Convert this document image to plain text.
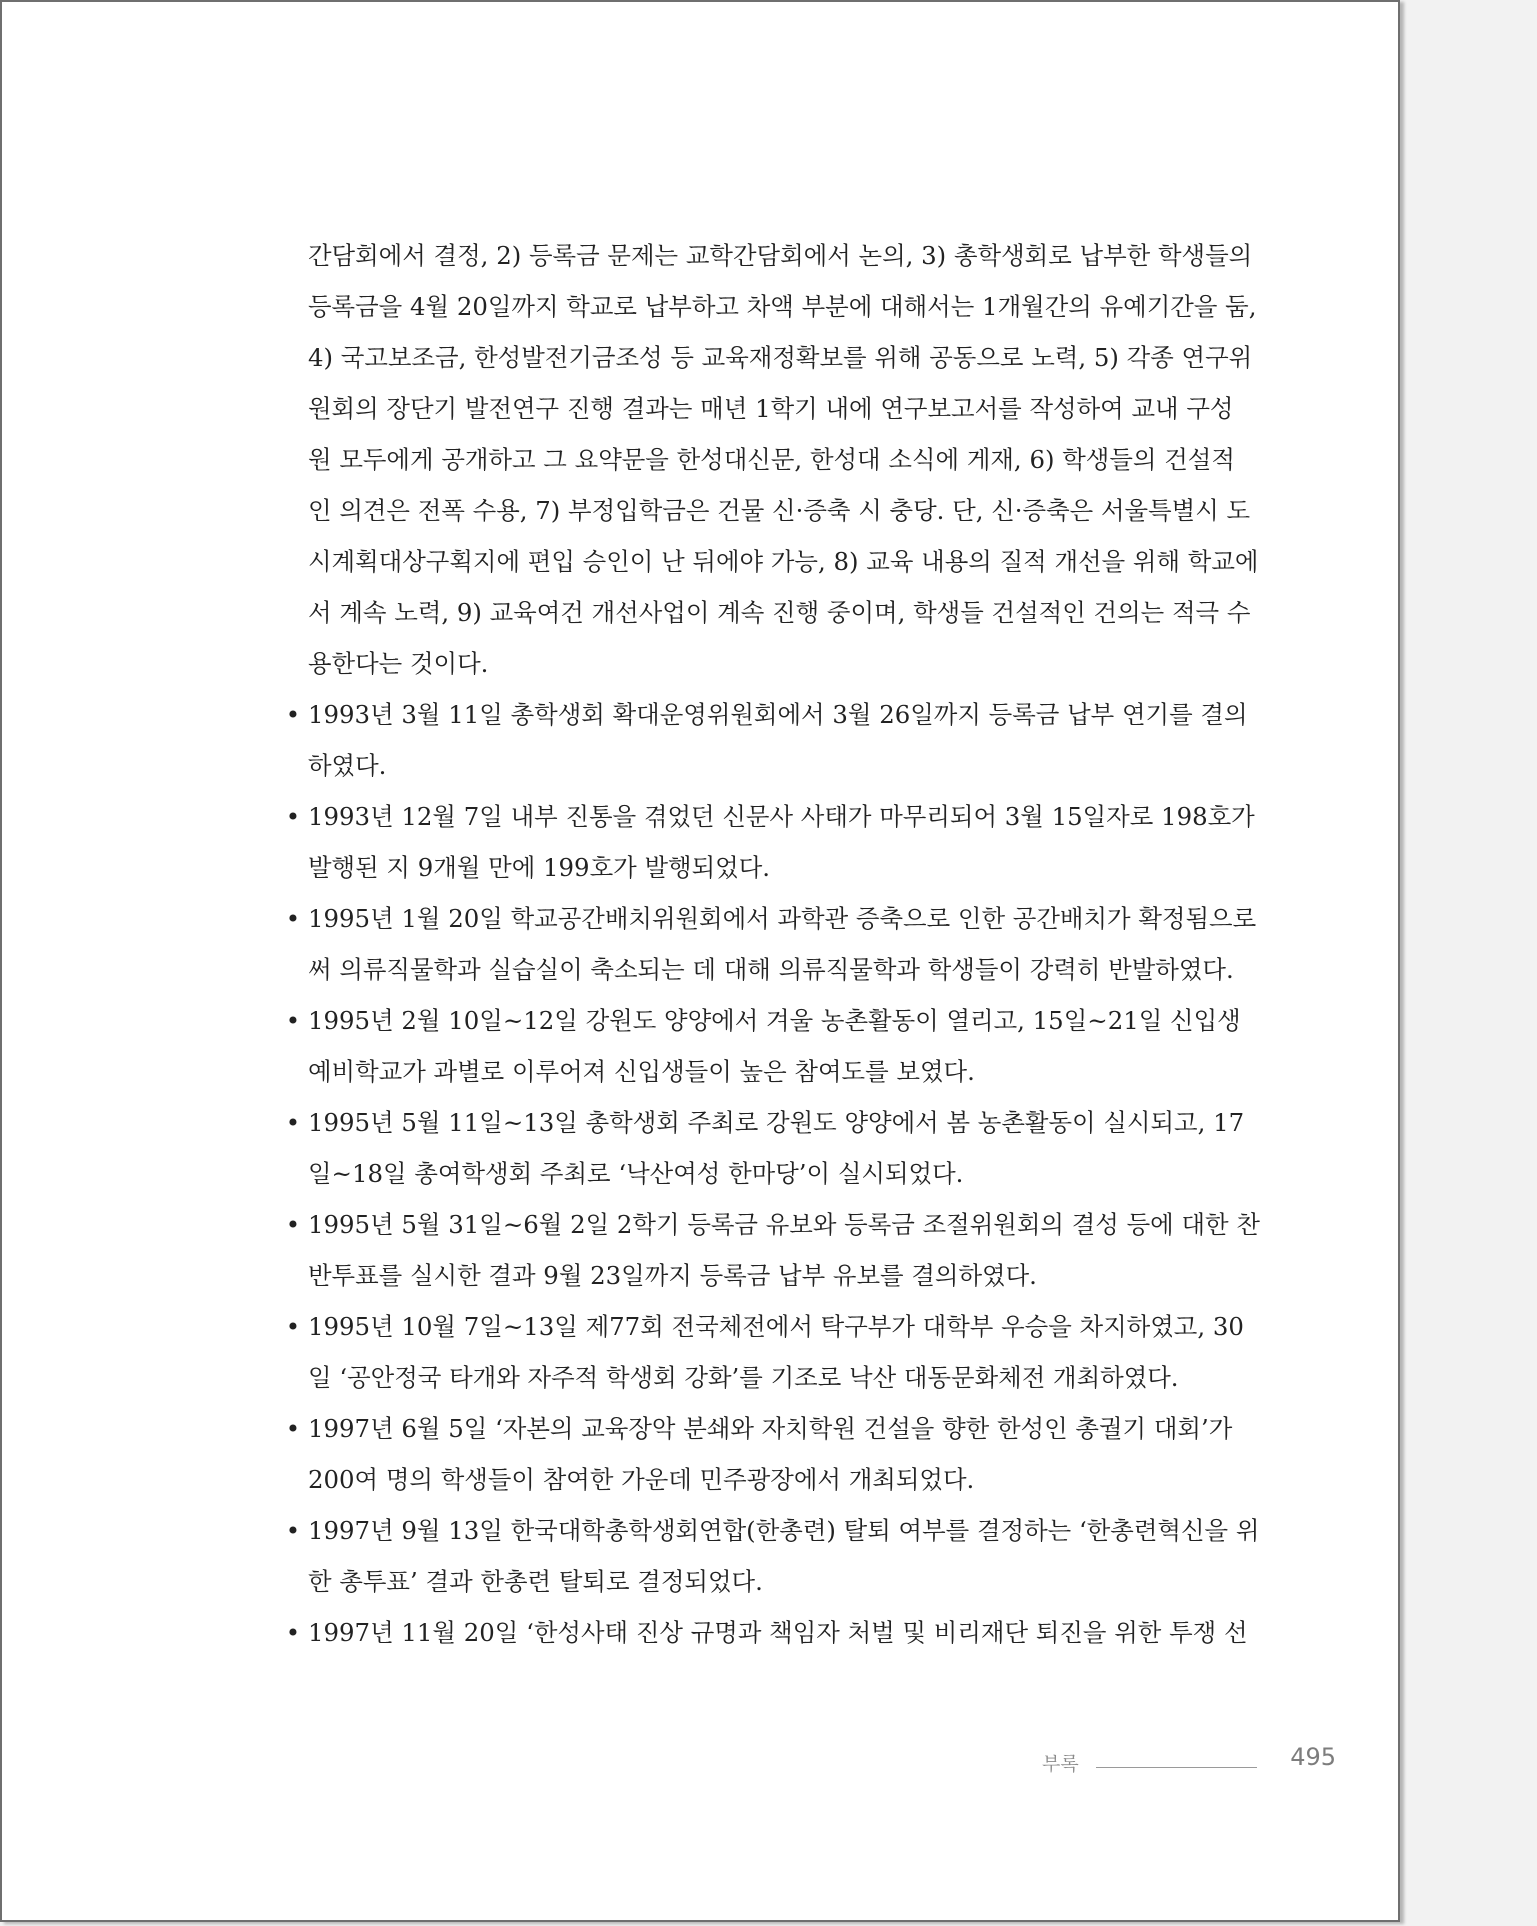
간담회에서 결정, 2) 등록금 문제는 교학간담회에서 논의, 3) 총학생회로 납부한 학생들의
등록금을 4월 20일까지 학교로 납부하고 차액 부분에 대해서는 1개월간의 유예기간을 둠,
4) 국고보조금, 한성발전기금조성 등 교육재정확보를 위해 공동으로 노력, 5) 각종 연구위
원회의 장단기 발전연구 진행 결과는 매년 1학기 내에 연구보고서를 작성하여 교내 구성
원 모두에게 공개하고 그 요약문을 한성대신문, 한성대 소식에 게재, 6) 학생들의 건설적
인 의견은 전폭 수용, 7) 부정입학금은 건물 신·증축 시 충당. 단, 신·증축은 서울특별시 도
시계획대상구획지에 편입 승인이 난 뒤에야 가능, 8) 교육 내용의 질적 개선을 위해 학교에
서 계속 노력, 9) 교육여건 개선사업이 계속 진행 중이며, 학생들 건설적인 건의는 적극 수
용한다는 것이다.
• 1993년 3월 11일 총학생회 확대운영위원회에서 3월 26일까지 등록금 납부 연기를 결의
하였다.
• 1993년 12월 7일 내부 진통을 겪었던 신문사 사태가 마무리되어 3월 15일자로 198호가
발행된 지 9개월 만에 199호가 발행되었다.
• 1995년 1월 20일 학교공간배치위원회에서 과학관 증축으로 인한 공간배치가 확정됨으로
써 의류직물학과 실습실이 축소되는 데 대해 의류직물학과 학생들이 강력히 반발하였다.
• 1995년 2월 10일~12일 강원도 양양에서 겨울 농촌활동이 열리고, 15일~21일 신입생
예비학교가 과별로 이루어져 신입생들이 높은 참여도를 보였다.
• 1995년 5월 11일~13일 총학생회 주최로 강원도 양양에서 봄 농촌활동이 실시되고, 17
일~18일 총여학생회 주최로 ‘낙산여성 한마당’이 실시되었다.
• 1995년 5월 31일~6월 2일 2학기 등록금 유보와 등록금 조절위원회의 결성 등에 대한 찬
반투표를 실시한 결과 9월 23일까지 등록금 납부 유보를 결의하였다.
• 1995년 10월 7일~13일 제77회 전국체전에서 탁구부가 대학부 우승을 차지하였고, 30
일 ‘공안정국 타개와 자주적 학생회 강화’를 기조로 낙산 대동문화체전 개최하였다.
• 1997년 6월 5일 ‘자본의 교육장악 분쇄와 자치학원 건설을 향한 한성인 총궐기 대회’가
200여 명의 학생들이 참여한 가운데 민주광장에서 개최되었다.
• 1997년 9월 13일 한국대학총학생회연합(한총련) 탈퇴 여부를 결정하는 ‘한총련혁신을 위
한 총투표’ 결과 한총련 탈퇴로 결정되었다.
• 1997년 11월 20일 ‘한성사태 진상 규명과 책임자 처벌 및 비리재단 퇴진을 위한 투쟁 선
부록	495
